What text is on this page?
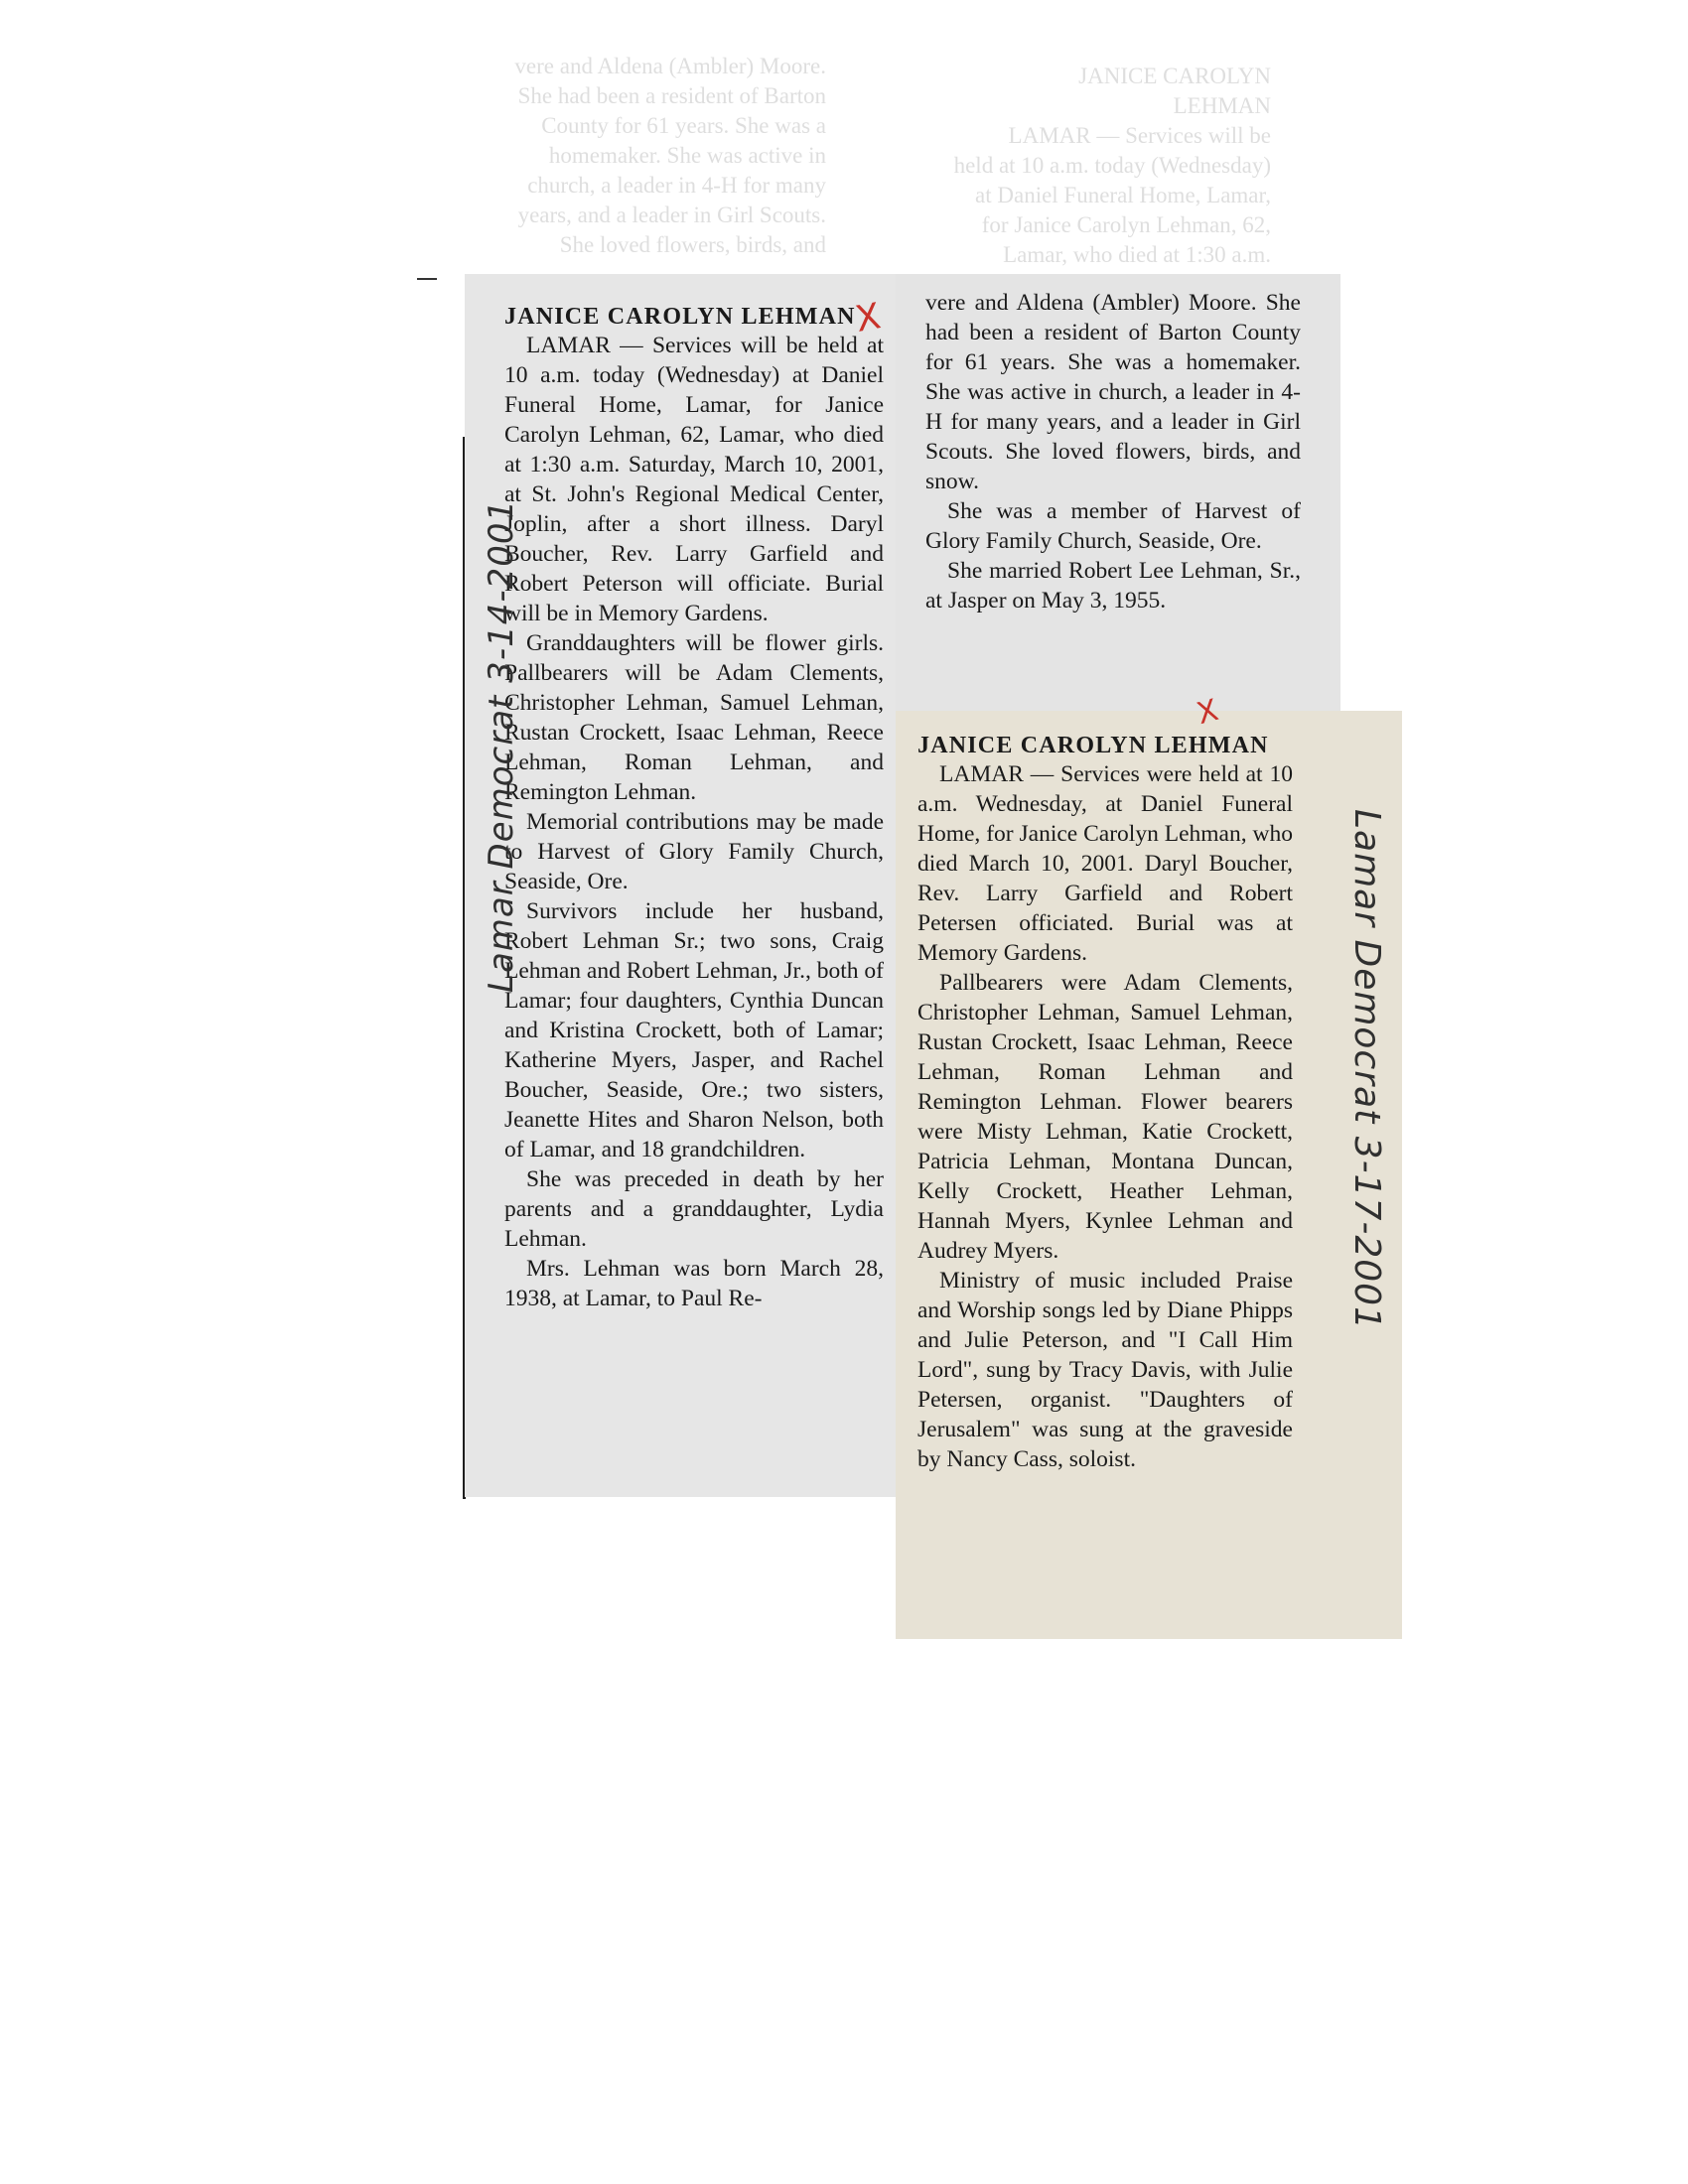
JANICE CAROLYN
LEHMAN
LAMAR — Services will be
held at 10 a.m. today (Wednesday)
at Daniel Funeral Home, Lamar,
for Janice Carolyn Lehman, 62,
Lamar, who died at 1:30 a.m.
vere and Aldena (Ambler) Moore.
She had been a resident of Barton
County for 61 years. She was a
homemaker. She was active in
church, a leader in 4-H for many
years, and a leader in Girl Scouts.
She loved flowers, birds, and
JANICE CAROLYN LEHMAN

LAMAR — Services will be held at 10 a.m. today (Wednesday) at Daniel Funeral Home, Lamar, for Janice Carolyn Lehman, 62, Lamar, who died at 1:30 a.m. Saturday, March 10, 2001, at St. John's Regional Medical Center, Joplin, after a short illness. Daryl Boucher, Rev. Larry Garfield and Robert Peterson will officiate. Burial will be in Memory Gardens.

Granddaughters will be flower girls. Pallbearers will be Adam Clements, Christopher Lehman, Samuel Lehman, Rustan Crockett, Isaac Lehman, Reece Lehman, Roman Lehman, and Remington Lehman.

Memorial contributions may be made to Harvest of Glory Family Church, Seaside, Ore.

Survivors include her husband, Robert Lehman Sr.; two sons, Craig Lehman and Robert Lehman, Jr., both of Lamar; four daughters, Cynthia Duncan and Kristina Crockett, both of Lamar; Katherine Myers, Jasper, and Rachel Boucher, Seaside, Ore.; two sisters, Jeanette Hites and Sharon Nelson, both of Lamar, and 18 grandchildren.

She was preceded in death by her parents and a granddaughter, Lydia Lehman.

Mrs. Lehman was born March 28, 1938, at Lamar, to Paul Re-

vere and Aldena (Ambler) Moore. She had been a resident of Barton County for 61 years. She was a homemaker. She was active in church, a leader in 4-H for many years, and a leader in Girl Scouts. She loved flowers, birds, and snow.

She was a member of Harvest of Glory Family Church, Seaside, Ore.

She married Robert Lee Lehman, Sr., at Jasper on May 3, 1955.

JANICE CAROLYN LEHMAN

LAMAR — Services were held at 10 a.m. Wednesday, at Daniel Funeral Home, for Janice Carolyn Lehman, who died March 10, 2001. Daryl Boucher, Rev. Larry Garfield and Robert Petersen officiated. Burial was at Memory Gardens.

Pallbearers were Adam Clements, Christopher Lehman, Samuel Lehman, Rustan Crockett, Isaac Lehman, Reece Lehman, Roman Lehman and Remington Lehman. Flower bearers were Misty Lehman, Katie Crockett, Patricia Lehman, Montana Duncan, Kelly Crockett, Heather Lehman, Hannah Myers, Kynlee Lehman and Audrey Myers.

Ministry of music included Praise and Worship songs led by Diane Phipps and Julie Peterson, and "I Call Him Lord", sung by Tracy Davis, with Julie Petersen, organist. "Daughters of Jerusalem" was sung at the graveside by Nancy Cass, soloist.

Lamar Democrat 3-14-2001
Lamar Democrat 3-17-2001
X
X
